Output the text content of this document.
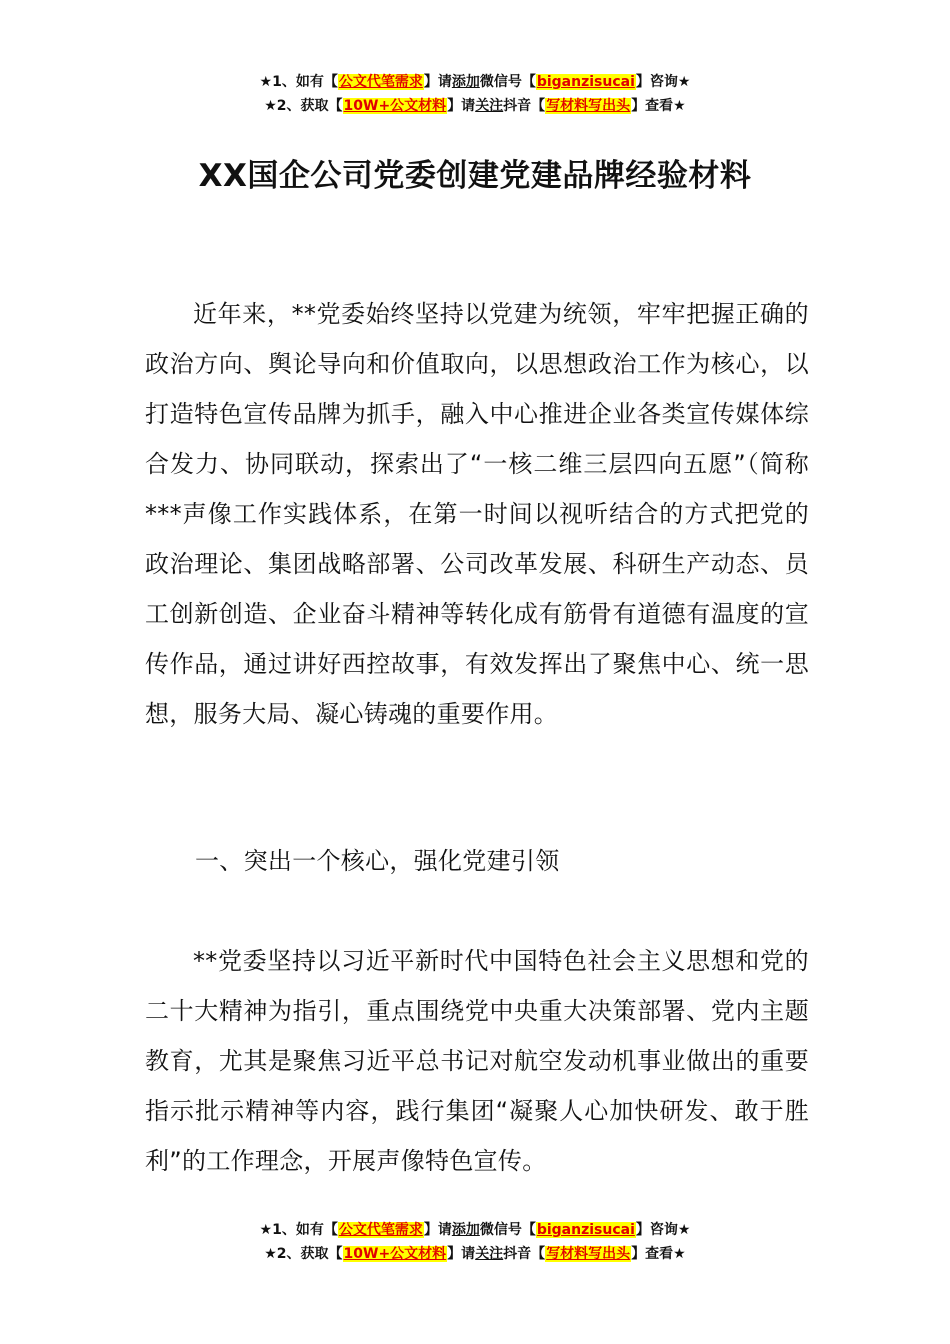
★1、如有【公文代笔需求】请添加微信号【biganzisucai】咨询★
★2、获取【10W+公文材料】请关注抖音【写材料写出头】查看★
XX国企公司党委创建党建品牌经验材料

近年来，**党委始终坚持以党建为统领，牢牢把握正确的政治方向、舆论导向和价值取向，以思想政治工作为核心，以打造特色宣传品牌为抓手，融入中心推进企业各类宣传媒体综合发力、协同联动，探索出了“一核二维三层四向五愿”（简称***声像工作实践体系，在第一时间以视听结合的方式把党的政治理论、集团战略部署、公司改革发展、科研生产动态、员工创新创造、企业奋斗精神等转化成有筋骨有道德有温度的宣传作品，通过讲好西控故事，有效发挥出了聚焦中心、统一思想，服务大局、凝心铸魂的重要作用。

一、突出一个核心，强化党建引领

**党委坚持以习近平新时代中国特色社会主义思想和党的二十大精神为指引，重点围绕党中央重大决策部署、党内主题教育，尤其是聚焦习近平总书记对航空发动机事业做出的重要指示批示精神等内容，践行集团“凝聚人心加快研发、敢于胜利”的工作理念，开展声像特色宣传。

★1、如有【公文代笔需求】请添加微信号【biganzisucai】咨询★
★2、获取【10W+公文材料】请关注抖音【写材料写出头】查看★
